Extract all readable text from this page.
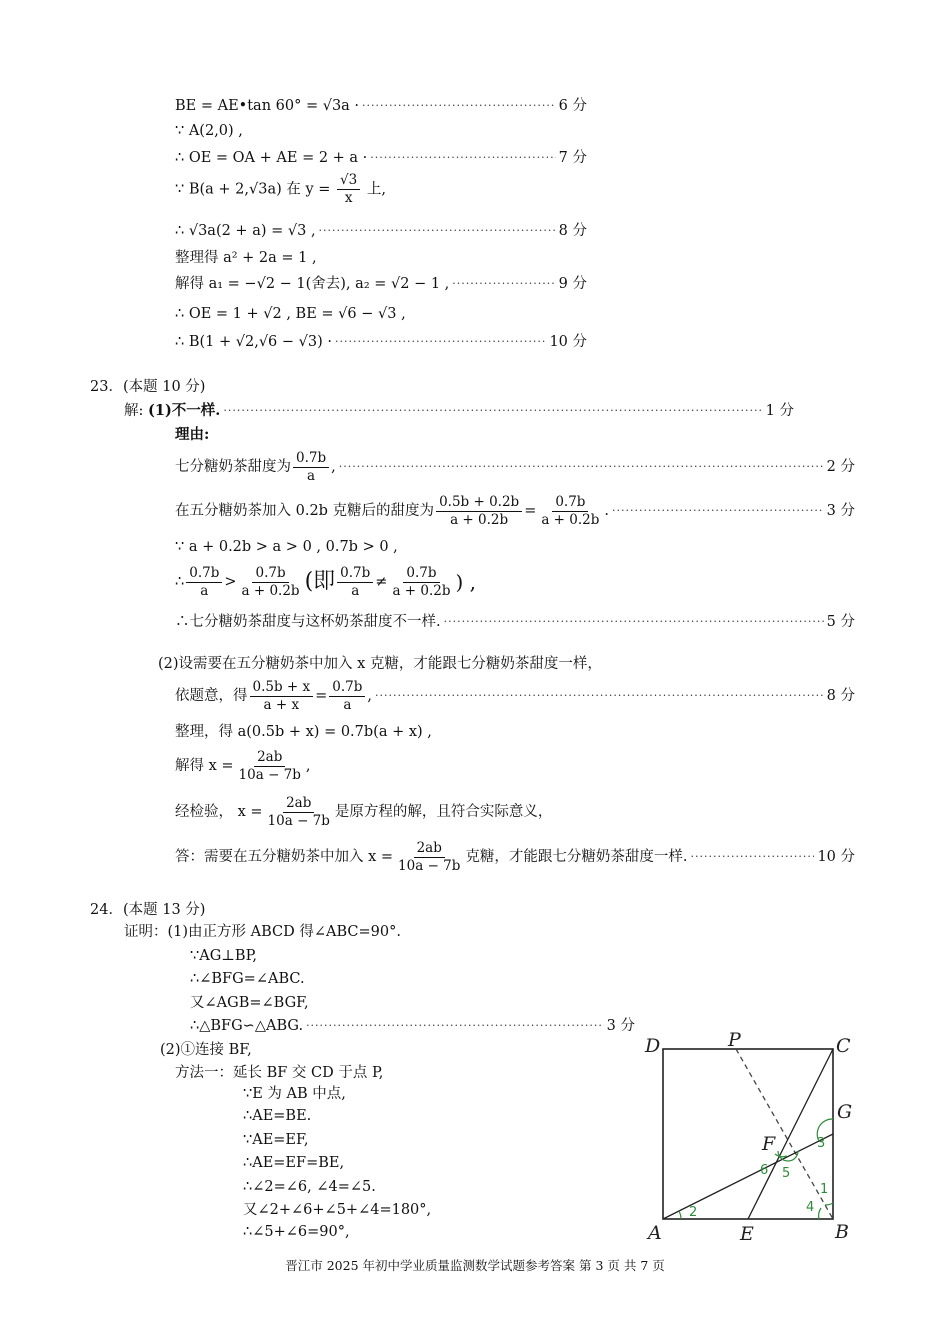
BE = AE•tan 60° = √3a · ·····	6 分
∵ A(2,0) ,
∴ OE = OA + AE = 2 + a · ·····	7 分
∵ B(a + 2,√3a) 在 $y = \frac{√3}{x}$ 上,
∴ √3a(2 + a) = √3 , ·····	8 分
整理得 a² + 2a = 1 ,
解得 a₁ = −√2 − 1(舍去), a₂ = √2 − 1 , ·····	9 分
∴ OE = 1 + √2 , BE = √6 − √3 ,
∴ B(1 + √2,√6 − √3) · ·····	10 分
23．(本题 10 分)
解:
(1)不一样. ·····	1 分
理由:
七分糖奶茶甜度为 $\frac{0.7b}{a}$ , ·····	2 分
在五分糖奶茶加入 0.2b 克糖后的甜度为 $\frac{0.5b + 0.2b}{a + 0.2b} = \frac{0.7b}{a + 0.2b}$ . ·····	3 分
∵ a + 0.2b > a > 0 , 0.7b > 0 ,
∴ $\frac{0.7b}{a} > \frac{0.7b}{a + 0.2b}$ (即 $\frac{0.7b}{a} \ne \frac{0.7b}{a + 0.2b}$ ) ,
∴七分糖奶茶甜度与这杯奶茶甜度不一样. ·····	5 分
(2)设需要在五分糖奶茶中加入 x 克糖，才能跟七分糖奶茶甜度一样，
依题意，得 $\frac{0.5b + x}{a + x} = \frac{0.7b}{a}$ , ·····	8 分
整理，得 a(0.5b + x) = 0.7b(a + x) ,
解得 $x = \frac{2ab}{10a - 7b}$ ,
经检验， $x = \frac{2ab}{10a - 7b}$ 是原方程的解，且符合实际意义，
答：需要在五分糖奶茶中加入 $x = \frac{2ab}{10a - 7b}$ 克糖，才能跟七分糖奶茶甜度一样. ·····	10 分
24．(本题 13 分)
证明：(1)由正方形 ABCD 得∠ABC=90°.
∵AG⊥BP,
∴∠BFG=∠ABC.
又∠AGB=∠BGF,
∴△BFG∽△ABG. ·····	3 分
(2)①连接 BF,
方法一：延长 BF 交 CD 于点 P,
∵E 为 AB 中点,
∴AE=BE.
∵AE=EF,
∴AE=EF=BE,
∴∠2=∠6, ∠4=∠5.
又∠2+∠6+∠5+∠4=180°,
∴∠5+∠6=90°,
D	P	C
G
F
A	E	B
1
2
3
4
5
6
晋江市 2025 年初中学业质量监测数学试题参考答案 第 3 页 共 7 页
